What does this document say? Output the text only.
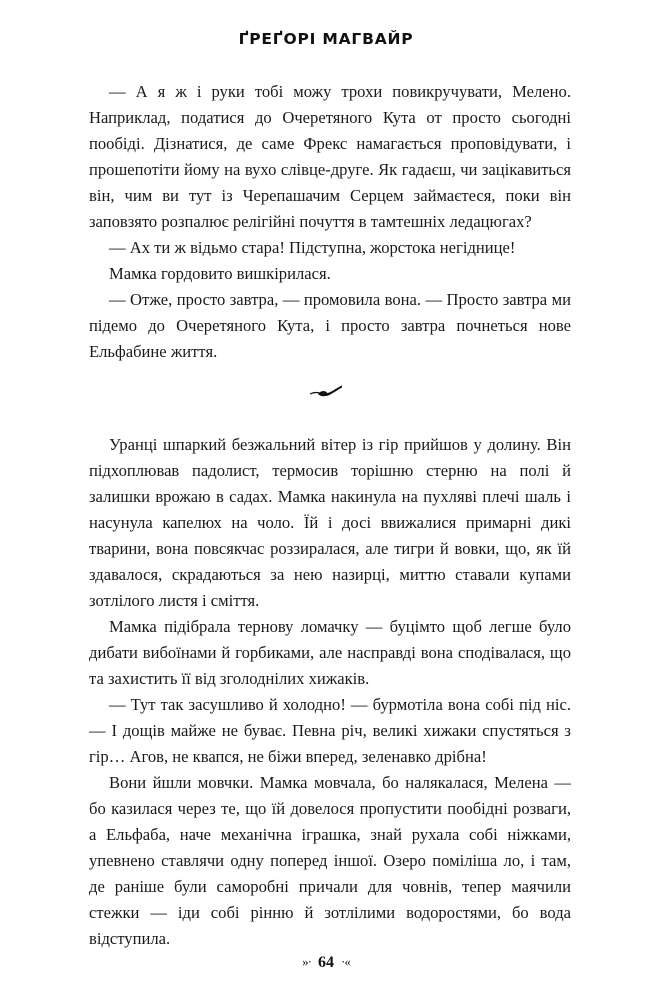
ҐРЕҐОРІ МАГВАЙР

— А я ж і руки тобі можу трохи повикручувати, Мелено. Наприклад, податися до Очеретяного Кута от просто сьогодні пообіді. Дізнатися, де саме Фрекс намагається проповідувати, і прошепотіти йому на вухо слівце-друге. Як гадаєш, чи зацікавиться він, чим ви тут із Черепашачим Серцем займаєтеся, поки він заповзято розпалює релігійні почуття в тамтешніх ледацюгах?

— Ах ти ж відьмо стара! Підступна, жорстока негіднице!

Мамка гордовито вишкірилася.

— Отже, просто завтра, — промовила вона. — Просто завтра ми підемо до Очеретяного Кута, і просто завтра почнеться нове Ельфабине життя.

Уранці шпаркий безжальний вітер із гір прийшов у долину. Він підхоплював падолист, термосив торішню стерню на полі й залишки врожаю в садах. Мамка накинула на пухляві плечі шаль і насунула капелюх на чоло. Їй і досі ввижалися примарні дикі тварини, вона повсякчас роззиралася, але тигри й вовки, що, як їй здавалося, скрадаються за нею назирці, миттю ставали купами зотлілого листя і сміття.

Мамка підібрала тернову ломачку — буцімто щоб легше було дибати вибоїнами й горбиками, але насправді вона сподівалася, що та захистить її від зголоднілих хижаків.

— Тут так засушливо й холодно! — бурмотіла вона собі під ніс. — І дощів майже не буває. Певна річ, великі хижаки спустяться з гір… Агов, не квапся, не біжи вперед, зеленавко дрібна!

Вони йшли мовчки. Мамка мовчала, бо налякалася, Мелена — бо казилася через те, що їй довелося пропустити пообідні розваги, а Ельфаба, наче механічна іграшка, знай рухала собі ніжками, упевнено ставлячи одну поперед іншої. Озеро поміліша ло, і там, де раніше були саморобні причали для човнів, тепер маячили стежки — іди собі рінню й зотлілими водоростями, бо вода відступила.

»· 64 ·«
